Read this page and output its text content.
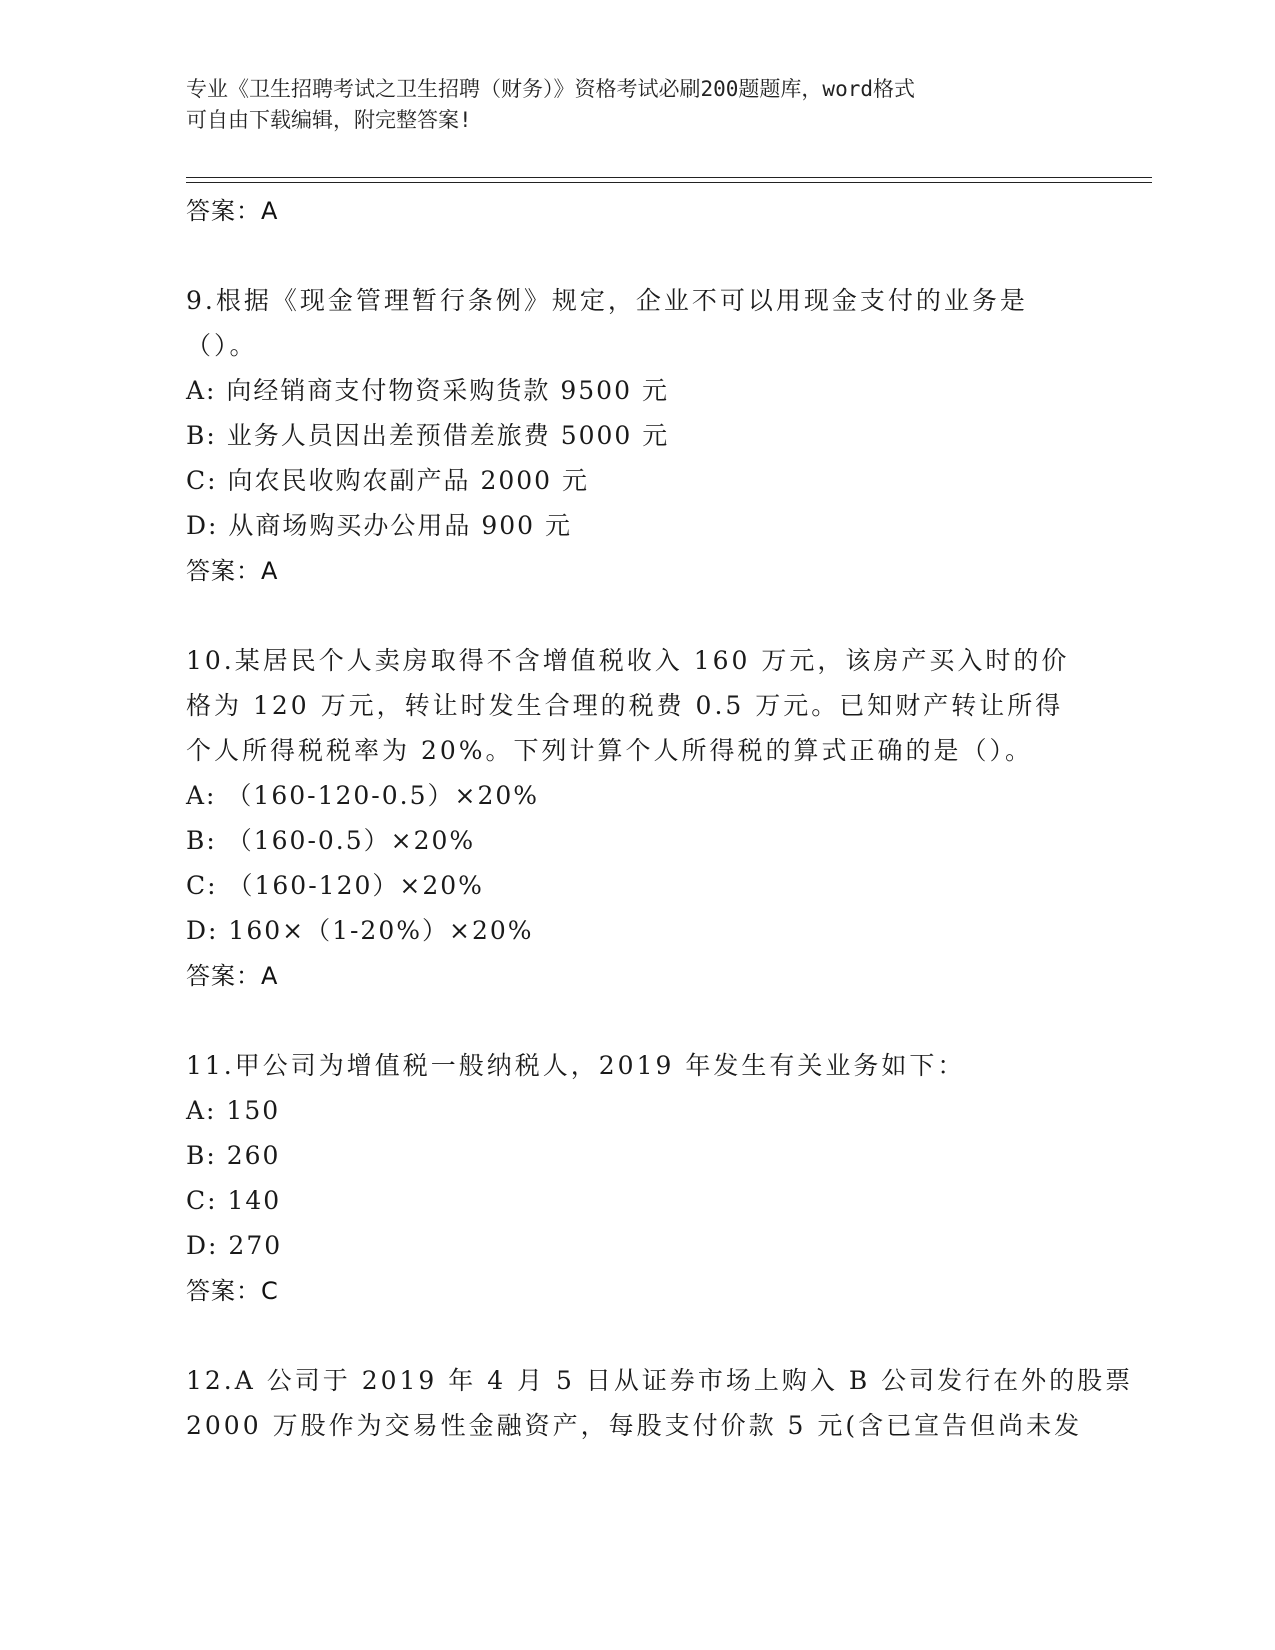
专业《卫生招聘考试之卫生招聘（财务）》资格考试必刷200题题库，word格式
可自由下载编辑，附完整答案!
答案：A
9.根据《现金管理暂行条例》规定，企业不可以用现金支付的业务是
（）。
A: 向经销商支付物资采购货款 9500 元
B: 业务人员因出差预借差旅费 5000 元
C: 向农民收购农副产品 2000 元
D: 从商场购买办公用品 900 元
答案：A
10.某居民个人卖房取得不含增值税收入 160 万元，该房产买入时的价
格为 120 万元，转让时发生合理的税费 0.5 万元。已知财产转让所得
个人所得税税率为 20%。下列计算个人所得税的算式正确的是（）。
A: （160-120-0.5）×20%
B: （160-0.5）×20%
C: （160-120）×20%
D: 160×（1-20%）×20%
答案：A
11.甲公司为增值税一般纳税人，2019 年发生有关业务如下：
A: 150
B: 260
C: 140
D: 270
答案：C
12.A 公司于 2019 年 4 月 5 日从证券市场上购入 B 公司发行在外的股票
2000 万股作为交易性金融资产，每股支付价款 5 元(含已宣告但尚未发
